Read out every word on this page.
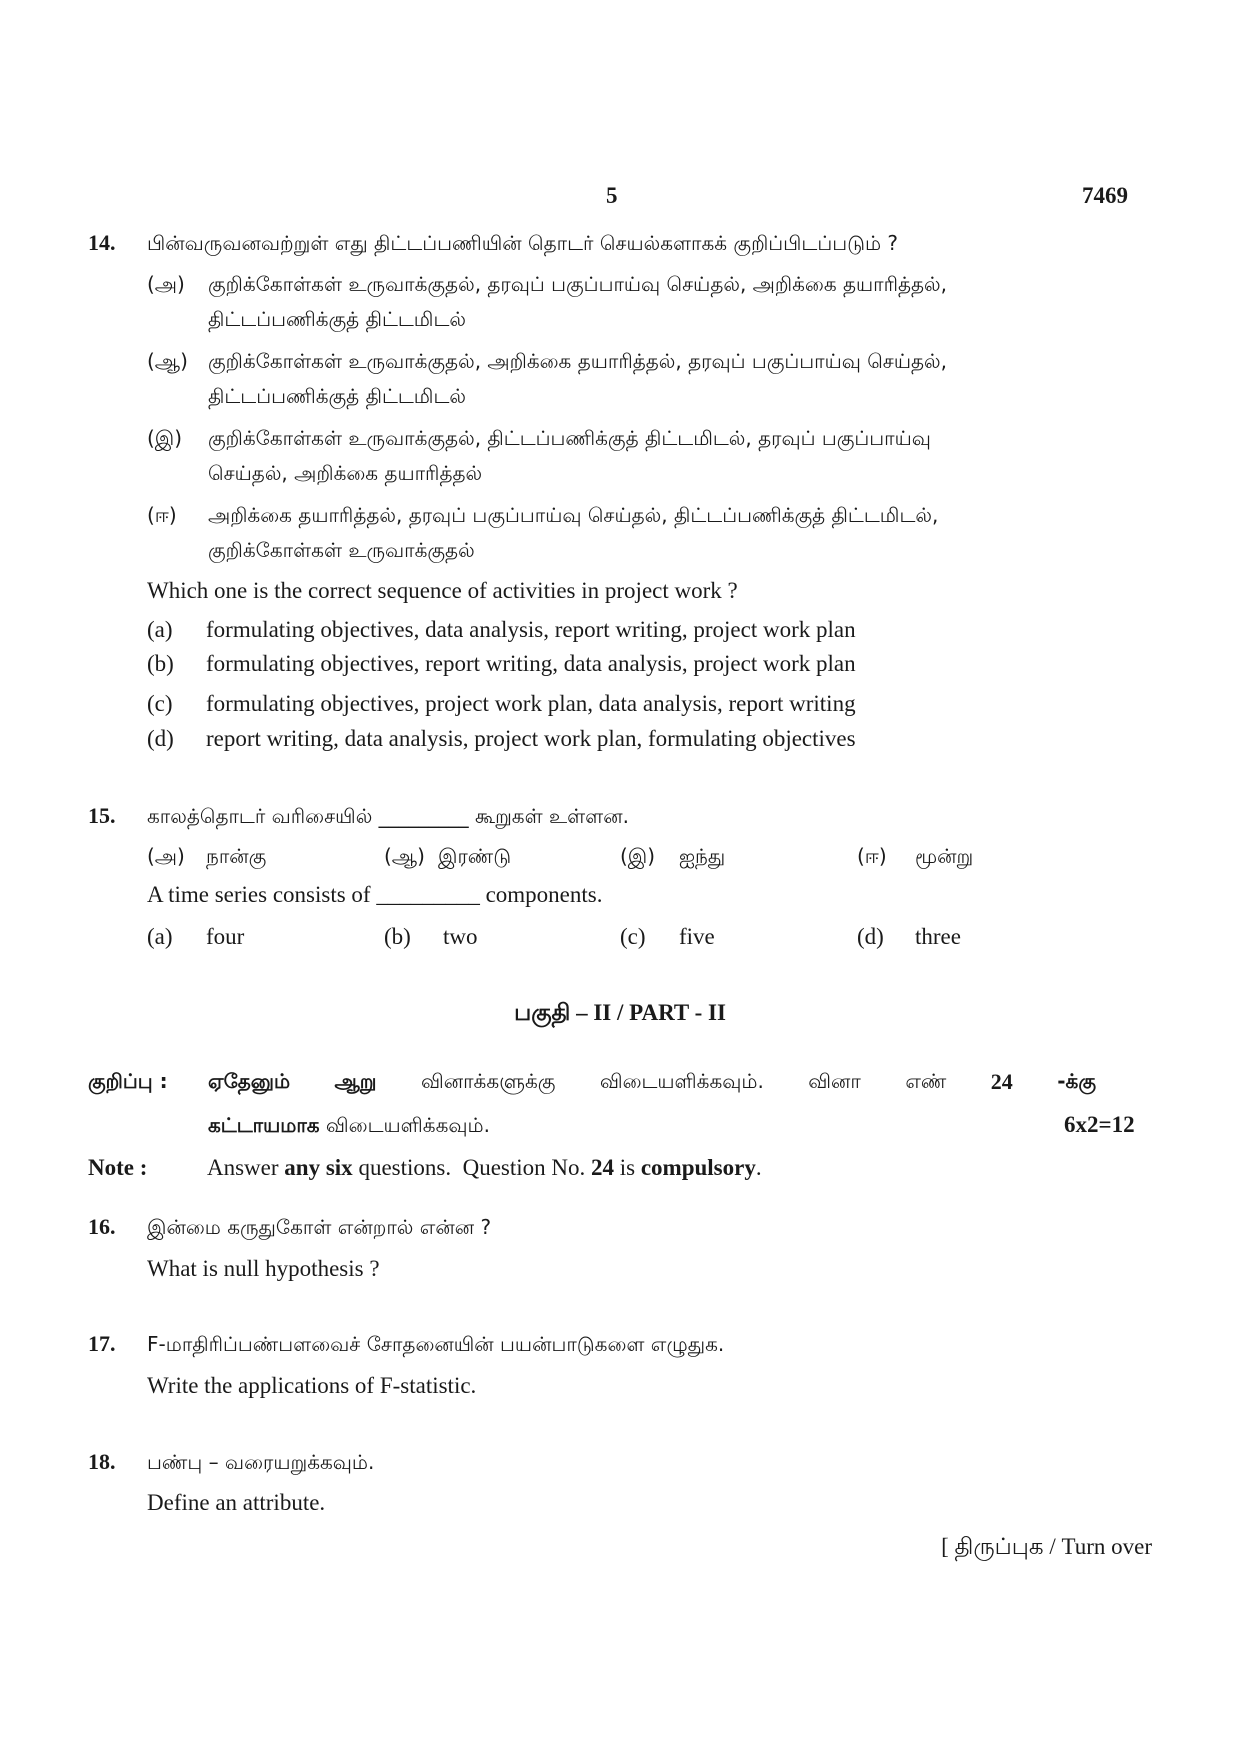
5	7469
14. பின்வருவனவற்றுள் எது திட்டப்பணியின் தொடர் செயல்களாகக் குறிப்பிடப்படும் ?
(அ) குறிக்கோள்கள் உருவாக்குதல், தரவுப் பகுப்பாய்வு செய்தல், அறிக்கை தயாரித்தல்,
திட்டப்பணிக்குத் திட்டமிடல்
(ஆ) குறிக்கோள்கள் உருவாக்குதல், அறிக்கை தயாரித்தல், தரவுப் பகுப்பாய்வு செய்தல்,
திட்டப்பணிக்குத் திட்டமிடல்
(இ) குறிக்கோள்கள் உருவாக்குதல், திட்டப்பணிக்குத் திட்டமிடல், தரவுப் பகுப்பாய்வு
செய்தல், அறிக்கை தயாரித்தல்
(ஈ) அறிக்கை தயாரித்தல், தரவுப் பகுப்பாய்வு செய்தல், திட்டப்பணிக்குத் திட்டமிடல்,
குறிக்கோள்கள் உருவாக்குதல்
Which one is the correct sequence of activities in project work ?
(a) formulating objectives, data analysis, report writing, project work plan
(b) formulating objectives, report writing, data analysis, project work plan
(c) formulating objectives, project work plan, data analysis, report writing
(d) report writing, data analysis, project work plan, formulating objectives
15. காலத்தொடர் வரிசையில் _________ கூறுகள் உள்ளன.
(அ) நான்கு	(ஆ) இரண்டு	(இ) ஐந்து	(ஈ) மூன்று
A time series consists of _________ components.
(a) four	(b) two	(c) five	(d) three
பகுதி – II / PART - II
குறிப்பு : ஏதேனும் ஆறு வினாக்களுக்கு விடையளிக்கவும். வினா எண் 24 -க்கு
கட்டாயமாக விடையளிக்கவும்.	6x2=12
Note :	Answer any six questions.  Question No. 24 is compulsory.
16. இன்மை கருதுகோள் என்றால் என்ன ?
What is null hypothesis ?
17. F-மாதிரிப்பண்பளவைச் சோதனையின் பயன்பாடுகளை எழுதுக.
Write the applications of F-statistic.
18. பண்பு – வரையறுக்கவும்.
Define an attribute.
[ திருப்புக / Turn over
